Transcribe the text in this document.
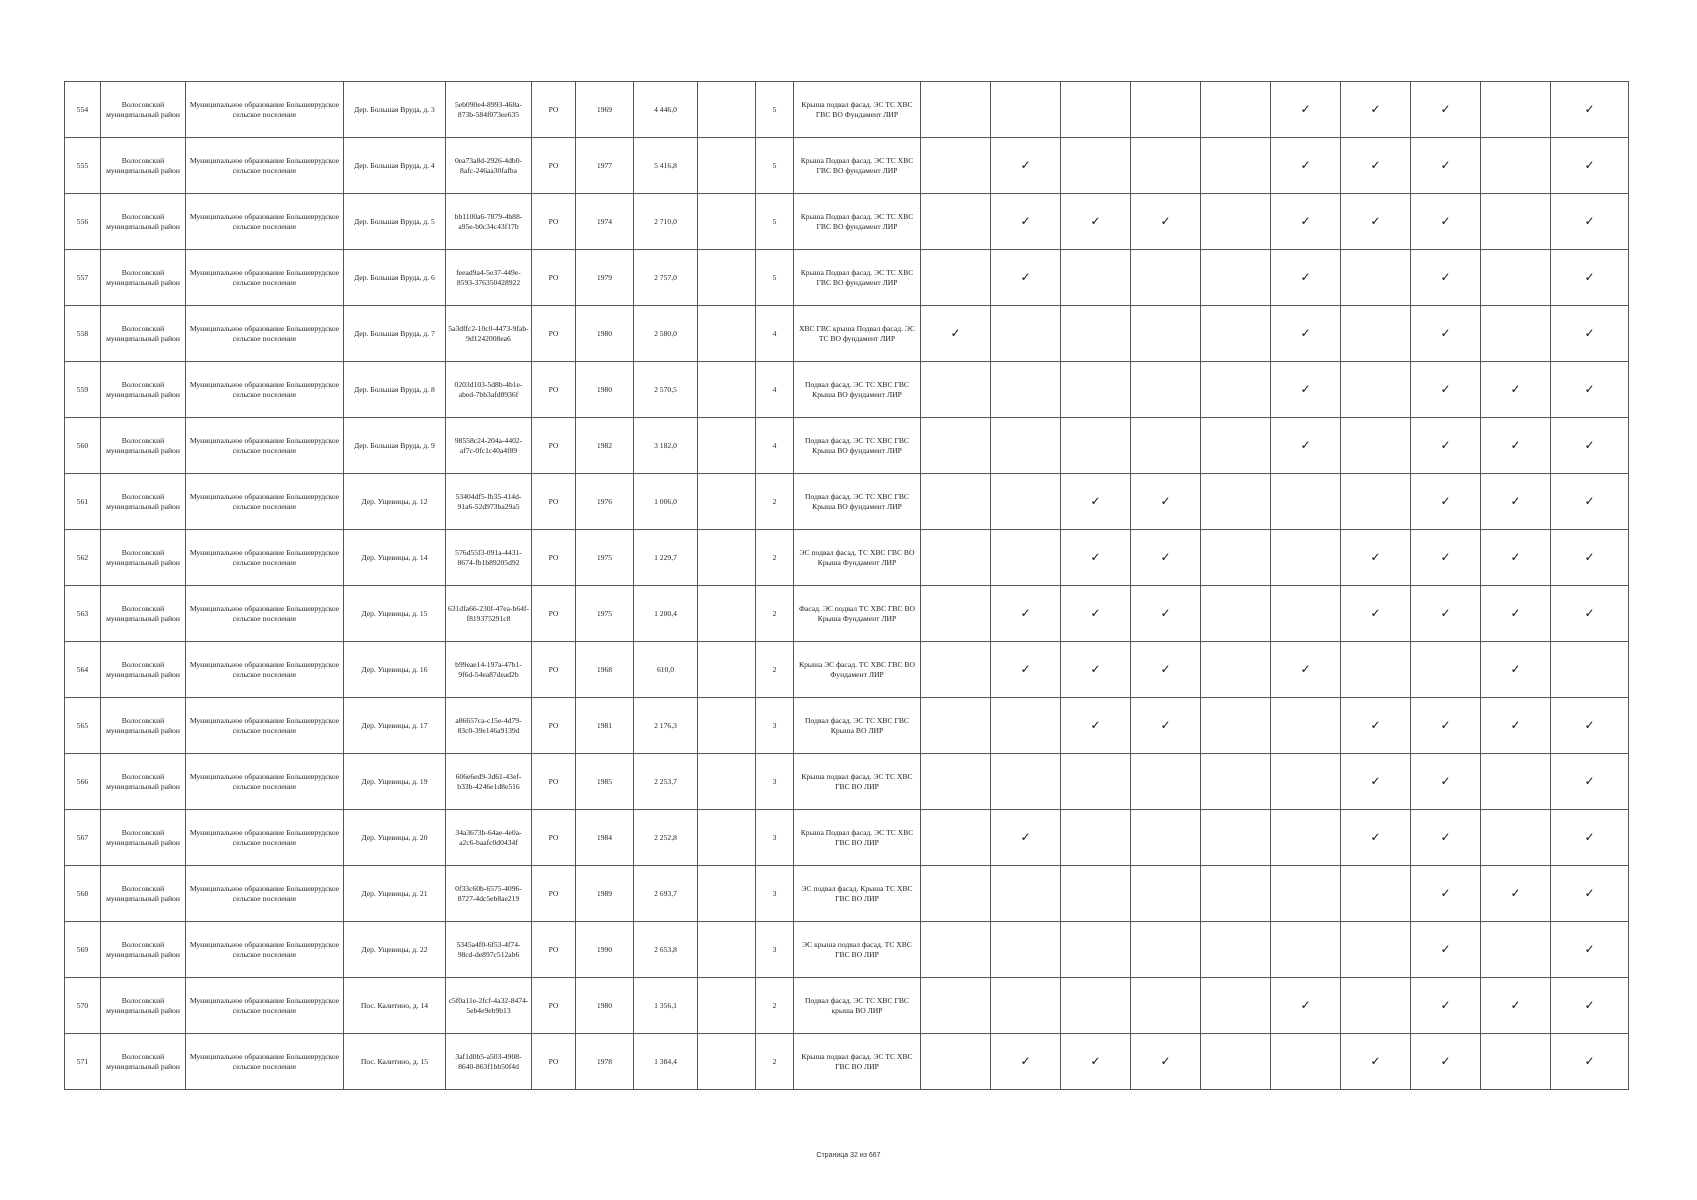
554	Волосовский муниципальный район	Муниципальное образование Большеврудское сельское поселение	Дер. Большая Вруда, д. 3	5eb090e4-8993-468a-873b-584f073ee635	РО	1969	4 446,0		5	Крыша подвал фасад. ЭС ТС ХВС ГВС ВО Фундамент ЛИР						✓	✓	✓		✓
555	Волосовский муниципальный район	Муниципальное образование Большеврудское сельское поселение	Дер. Большая Вруда, д. 4	0ea73a8d-2926-4db0-8afc-246aa30fafba	РО	1977	5 416,8		5	Крыша Подвал фасад. ЭС ТС ХВС ГВС ВО фундамент ЛИР		✓				✓	✓	✓		✓
556	Волосовский муниципальный район	Муниципальное образование Большеврудское сельское поселение	Дер. Большая Вруда, д. 5	bb1100a6-7879-4b88-a95e-b0c34c43f17b	РО	1974	2 710,0		5	Крыша Подвал фасад. ЭС ТС ХВС ГВС ВО фундамент ЛИР		✓	✓	✓		✓	✓	✓		✓
557	Волосовский муниципальный район	Муниципальное образование Большеврудское сельское поселение	Дер. Большая Вруда, д. 6	feead9a4-5e37-449e-8593-376350428922	РО	1979	2 757,0		5	Крыша Подвал фасад. ЭС ТС ХВС ГВС ВО фундамент ЛИР		✓				✓		✓		✓
558	Волосовский муниципальный район	Муниципальное образование Большеврудское сельское поселение	Дер. Большая Вруда, д. 7	5a3dffc2-10c0-4473-9fab-9d1242008ea6	РО	1980	2 580,0		4	ХВС ГВС крыша Подвал фасад. ЭС ТС ВО фундамент ЛИР	✓					✓		✓		✓
559	Волосовский муниципальный район	Муниципальное образование Большеврудское сельское поселение	Дер. Большая Вруда, д. 8	0203d103-5d8b-4b1e-abed-7bb3afd8936f	РО	1980	2 570,5		4	Подвал фасад. ЭС ТС ХВС ГВС Крыша ВО фундамент ЛИР						✓		✓	✓	✓
560	Волосовский муниципальный район	Муниципальное образование Большеврудское сельское поселение	Дер. Большая Вруда, д. 9	98558c24-204a-4402-af7c-0fc1c40a4f89	РО	1982	3 182,0		4	Подвал фасад. ЭС ТС ХВС ГВС Крыша ВО фундамент ЛИР						✓		✓	✓	✓
561	Волосовский муниципальный район	Муниципальное образование Большеврудское сельское поселение	Дер. Ущевицы, д. 12	53404df5-fb35-414d-91a6-52d973ba29a5	РО	1976	1 006,0		2	Подвал фасад. ЭС ТС ХВС ГВС Крыша ВО фундамент ЛИР			✓	✓				✓	✓	✓
562	Волосовский муниципальный район	Муниципальное образование Большеврудское сельское поселение	Дер. Ущевицы, д. 14	576d55f3-091a-4431-8674-fb1b89205d92	РО	1975	1 229,7		2	ЭС подвал фасад. ТС ХВС ГВС ВО Крыша Фундамент ЛИР			✓	✓			✓	✓	✓	✓
563	Волосовский муниципальный район	Муниципальное образование Большеврудское сельское поселение	Дер. Ущевицы, д. 15	631dfa66-230f-47ea-b64f-f819375291c8	РО	1975	1 200,4		2	Фасад. ЭС подвал ТС ХВС ГВС ВО Крыша Фундамент ЛИР		✓	✓	✓			✓	✓	✓	✓
564	Волосовский муниципальный район	Муниципальное образование Большеврудское сельское поселение	Дер. Ущевицы, д. 16	b99eae14-197a-47b1-9f6d-54ea87dead2b	РО	1968	610,0		2	Крыша ЭС фасад. ТС ХВС ГВС ВО Фундамент ЛИР		✓	✓	✓		✓			✓	
565	Волосовский муниципальный район	Муниципальное образование Большеврудское сельское поселение	Дер. Ущевицы, д. 17	a86657ca-c15e-4d79-83c0-39e146a9139d	РО	1981	2 176,3		3	Подвал фасад. ЭС ТС ХВС ГВС Крыша ВО ЛИР			✓	✓			✓	✓	✓	✓
566	Волосовский муниципальный район	Муниципальное образование Большеврудское сельское поселение	Дер. Ущевицы, д. 19	606e6ed9-3d61-43ef-b33b-4246e1d8e516	РО	1985	2 253,7		3	Крыша подвал фасад. ЭС ТС ХВС ГВС ВО ЛИР							✓	✓		✓
567	Волосовский муниципальный район	Муниципальное образование Большеврудское сельское поселение	Дер. Ущевицы, д. 20	34a3673b-64ae-4e0a-a2c6-baafc0d0434f	РО	1984	2 252,8		3	Крыша Подвал фасад. ЭС ТС ХВС ГВС ВО ЛИР		✓					✓	✓		✓
568	Волосовский муниципальный район	Муниципальное образование Большеврудское сельское поселение	Дер. Ущевицы, д. 21	0f33c60b-6575-4096-8727-4dc5eb8ae219	РО	1989	2 693,7		3	ЭС подвал фасад. Крыша ТС ХВС ГВС ВО ЛИР								✓	✓	✓
569	Волосовский муниципальный район	Муниципальное образование Большеврудское сельское поселение	Дер. Ущевицы, д. 22	5345a4f0-6f53-4f74-98cd-de897c512ab6	РО	1990	2 653,8		3	ЭС крыша подвал фасад. ТС ХВС ГВС ВО ЛИР								✓		✓
570	Волосовский муниципальный район	Муниципальное образование Большеврудское сельское поселение	Пос. Калитино, д. 14	c5f0a11e-2fcf-4a32-8474-5eb4e9eb9b13	РО	1980	1 356,1		2	Подвал фасад. ЭС ТС ХВС ГВС крыша ВО ЛИР						✓		✓	✓	✓
571	Волосовский муниципальный район	Муниципальное образование Большеврудское сельское поселение	Пос. Калитино, д. 15	3af1d0b5-a503-4908-8640-863f1bb50f4d	РО	1978	1 384,4		2	Крыша подвал фасад. ЭС ТС ХВС ГВС ВО ЛИР		✓	✓	✓			✓	✓		✓
Страница 32 из 667
